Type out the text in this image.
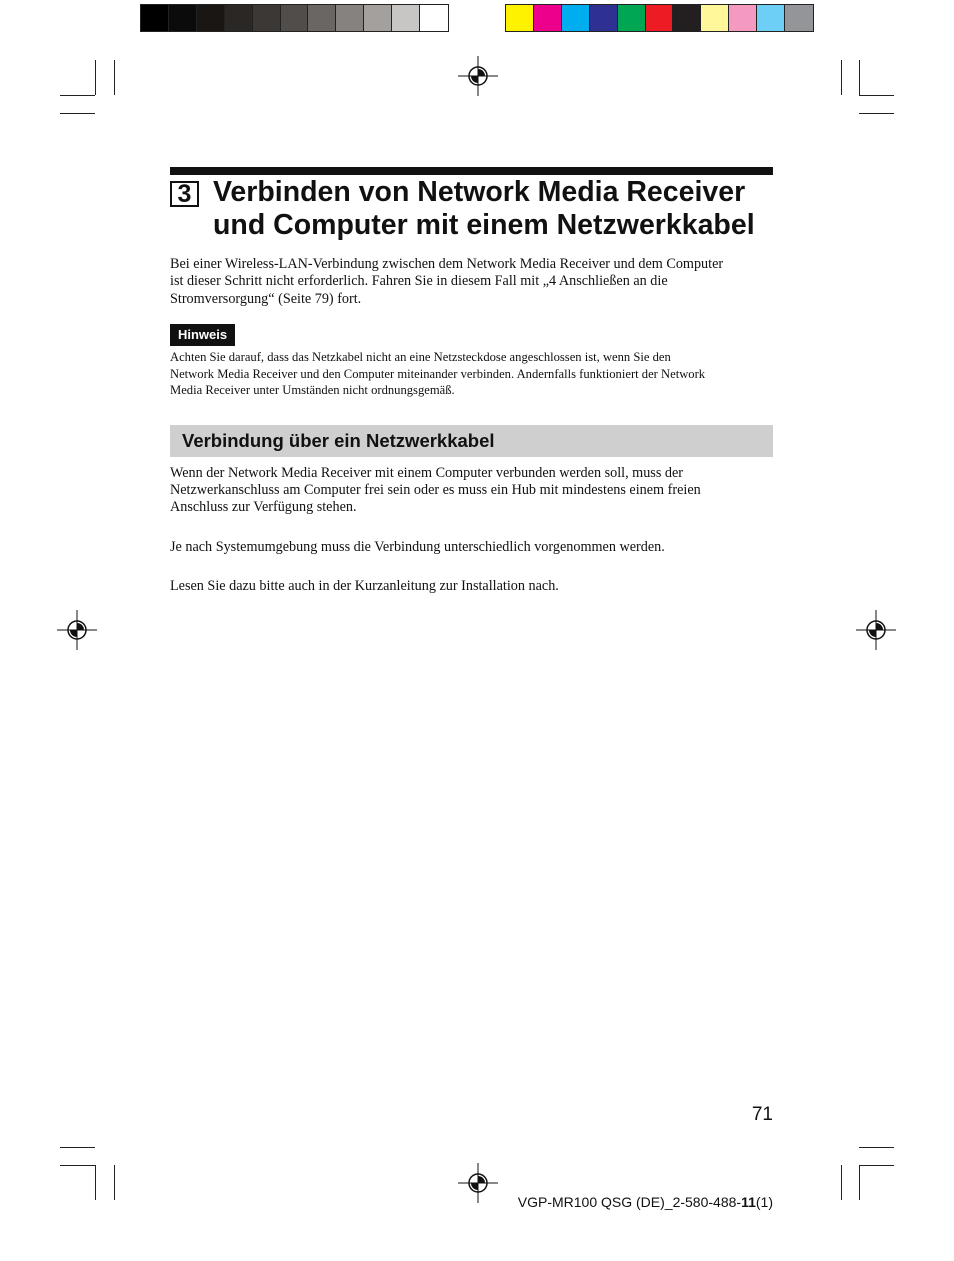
3 Verbinden von Network Media Receiver
und Computer mit einem Netzwerkkabel

Bei einer Wireless-LAN-Verbindung zwischen dem Network Media Receiver und dem Computer
ist dieser Schritt nicht erforderlich. Fahren Sie in diesem Fall mit „4 Anschließen an die
Stromversorgung“ (Seite 79) fort.

Hinweis

Achten Sie darauf, dass das Netzkabel nicht an eine Netzsteckdose angeschlossen ist, wenn Sie den
Network Media Receiver und den Computer miteinander verbinden. Andernfalls funktioniert der Network
Media Receiver unter Umständen nicht ordnungsgemäß.

Verbindung über ein Netzwerkkabel

Wenn der Network Media Receiver mit einem Computer verbunden werden soll, muss der
Netzwerkanschluss am Computer frei sein oder es muss ein Hub mit mindestens einem freien
Anschluss zur Verfügung stehen.

Je nach Systemumgebung muss die Verbindung unterschiedlich vorgenommen werden.

Lesen Sie dazu bitte auch in der Kurzanleitung zur Installation nach.

71
VGP-MR100 QSG (DE)_2-580-488-11(1)
